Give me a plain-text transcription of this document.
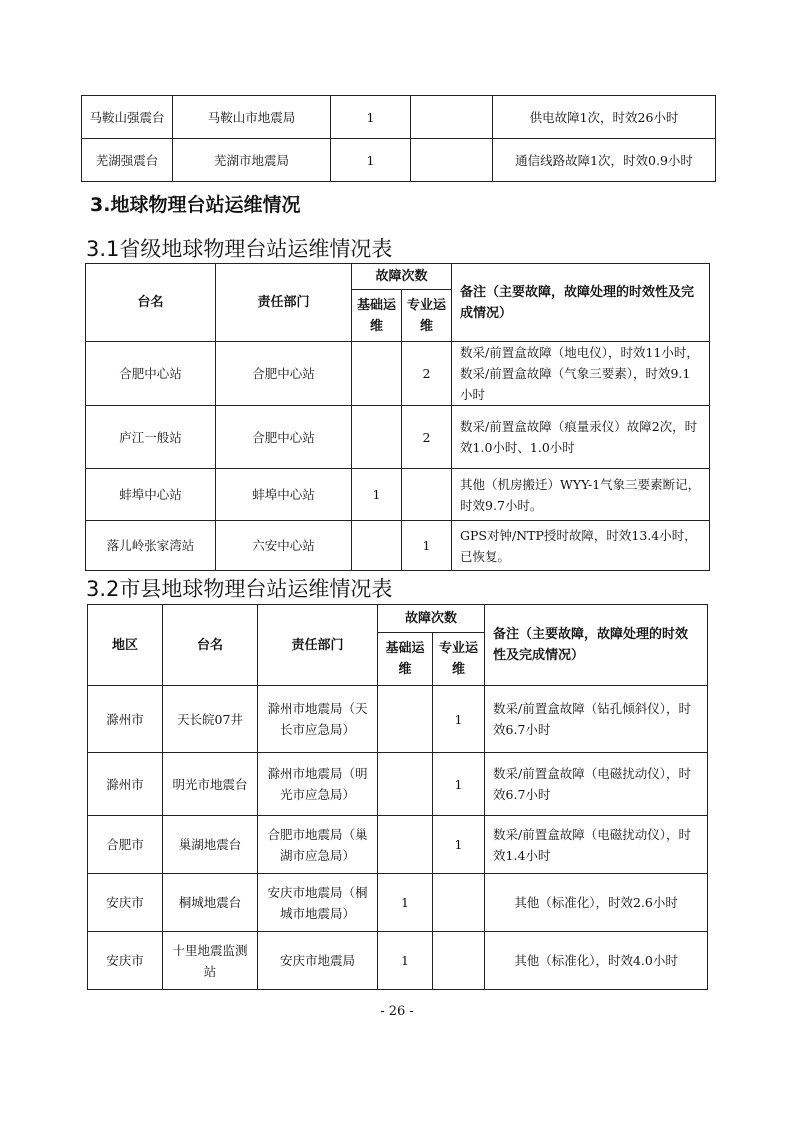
马鞍山强震台	马鞍山市地震局	1		供电故障1次，时效26小时
芜湖强震台	芜湖市地震局	1		通信线路故障1次，时效0.9小时
3.地球物理台站运维情况
3.1省级地球物理台站运维情况表
台名	责任部门	故障次数		备注（主要故障，故障处理的时效性及完成情况）
		基础运维	专业运维	
合肥中心站	合肥中心站		2	数采/前置盒故障（地电仪），时效11小时，数采/前置盒故障（气象三要素），时效9.1小时
庐江一般站	合肥中心站		2	数采/前置盒故障（痕量汞仪）故障2次，时效1.0小时、1.0小时
蚌埠中心站	蚌埠中心站	1		其他（机房搬迁）WYY-1气象三要素断记，时效9.7小时。
落儿岭张家湾站	六安中心站		1	GPS对钟/NTP授时故障，时效13.4小时，已恢复。
3.2市县地球物理台站运维情况表
地区	台名	责任部门	故障次数		备注（主要故障，故障处理的时效性及完成情况）
			基础运维	专业运维	
滁州市	天长皖07井	滁州市地震局（天长市应急局）		1	数采/前置盒故障（钻孔倾斜仪），时效6.7小时
滁州市	明光市地震台	滁州市地震局（明光市应急局）		1	数采/前置盒故障（电磁扰动仪），时效6.7小时
合肥市	巢湖地震台	合肥市地震局（巢湖市应急局）		1	数采/前置盒故障（电磁扰动仪），时效1.4小时
安庆市	桐城地震台	安庆市地震局（桐城市地震局）	1		其他（标准化），时效2.6小时
安庆市	十里地震监测站	安庆市地震局	1		其他（标准化），时效4.0小时
- 26 -
